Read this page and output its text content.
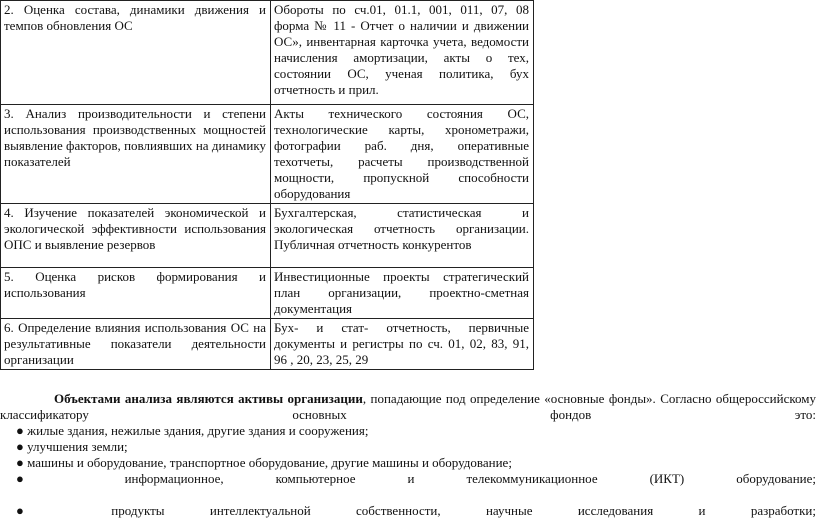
2. Оценка состава, динамики движения и темпов обновления ОС	Обороты по сч.01, 01.1, 001, 011, 07, 08 форма № 11 - Отчет о наличии и движении ОС», инвентарная карточка учета, ведомости начисления амортизации, акты о тех, состоянии ОС, ученая политика, бух отчетность и прил.
3. Анализ производительности и степени использования производственных мощностей выявление факторов, повлиявших на динамику показателей	Акты технического состояния ОС, технологические карты, хронометражи, фотографии раб. дня, оперативные техотчеты, расчеты производственной мощности, пропускной способности оборудования
4. Изучение показателей экономической и экологической эффективности использования ОПС и выявление резервов	Бухгалтерская, статистическая и экологическая отчетность организации. Публичная отчетность конкурентов
5. Оценка рисков формирования и использования	Инвестиционные проекты стратегический план организации, проектно-сметная документация
6. Определение влияния использования ОС на результативные показатели деятельности организации	Бух- и стат- отчетность, первичные документы и регистры по сч. 01, 02, 83, 91, 96 , 20, 23, 25, 29
Объектами анализа являются активы организации, попадающие под определение «основные фонды». Согласно общероссийскому классификатору основных фондов это:
● жилые здания, нежилые здания, другие здания и сооружения;
● улучшения земли;
● машины и оборудование, транспортное оборудование, другие машины и оборудование;
● информационное, компьютерное и телекоммуникационное (ИКТ) оборудование;
● продукты интеллектуальной собственности, научные исследования и разработки;
